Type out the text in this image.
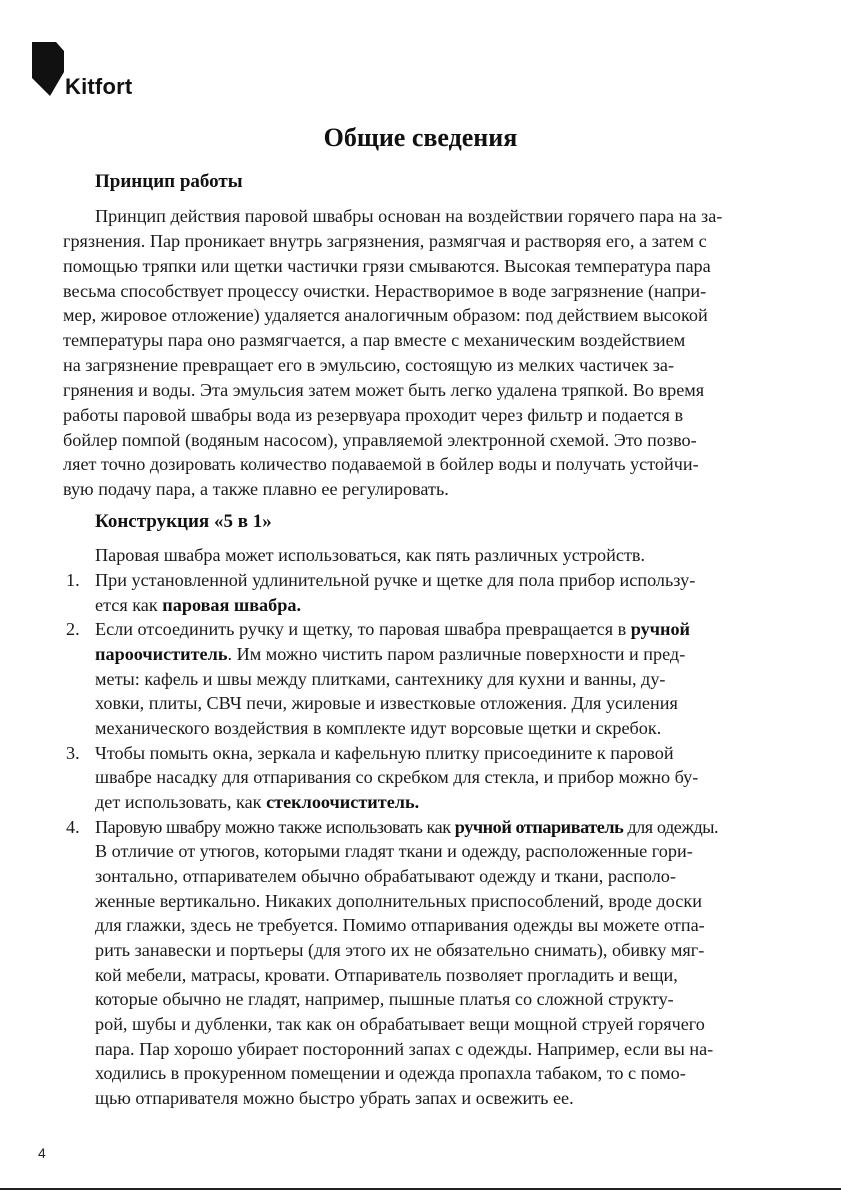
Kitfort
Общие сведения
Принцип работы
Принцип действия паровой швабры основан на воздействии горячего пара на за-
грязнения. Пар проникает внутрь загрязнения, размягчая и растворяя его, а затем с
помощью тряпки или щетки частички грязи смываются. Высокая температура пара
весьма способствует процессу очистки. Нерастворимое в воде загрязнение (напри-
мер, жировое отложение) удаляется аналогичным образом: под действием высокой
температуры пара оно размягчается, а пар вместе с механическим воздействием
на загрязнение превращает его в эмульсию, состоящую из мелких частичек за-
грянения и воды. Эта эмульсия затем может быть легко удалена тряпкой. Во время
работы паровой швабры вода из резервуара проходит через фильтр и подается в
бойлер помпой (водяным насосом), управляемой электронной схемой. Это позво-
ляет точно дозировать количество подаваемой в бойлер воды и получать устойчи-
вую подачу пара, а также плавно ее регулировать.
Конструкция «5 в 1»
Паровая швабра может использоваться, как пять различных устройств.
1. При установленной удлинительной ручке и щетке для пола прибор использу-
ется как паровая швабра.
2. Если отсоединить ручку и щетку, то паровая швабра превращается в ручной
пароочиститель. Им можно чистить паром различные поверхности и пред-
меты: кафель и швы между плитками, сантехнику для кухни и ванны, ду-
ховки, плиты, СВЧ печи, жировые и известковые отложения. Для усиления
механического воздействия в комплекте идут ворсовые щетки и скребок.
3. Чтобы помыть окна, зеркала и кафельную плитку присоедините к паровой
швабре насадку для отпаривания со скребком для стекла, и прибор можно бу-
дет использовать, как стеклоочиститель.
4. Паровую швабру можно также использовать как ручной отпариватель для одежды.
В отличие от утюгов, которыми гладят ткани и одежду, расположенные гори-
зонтально, отпаривателем обычно обрабатывают одежду и ткани, располо-
женные вертикально. Никаких дополнительных приспособлений, вроде доски
для глажки, здесь не требуется. Помимо отпаривания одежды вы можете отпа-
рить занавески и портьеры (для этого их не обязательно снимать), обивку мяг-
кой мебели, матрасы, кровати. Отпариватель позволяет прогладить и вещи,
которые обычно не гладят, например, пышные платья со сложной структу-
рой, шубы и дубленки, так как он обрабатывает вещи мощной струей горячего
пара. Пар хорошо убирает посторонний запах с одежды. Например, если вы на-
ходились в прокуренном помещении и одежда пропахла табаком, то с помо-
щью отпаривателя можно быстро убрать запах и освежить ее.
4
